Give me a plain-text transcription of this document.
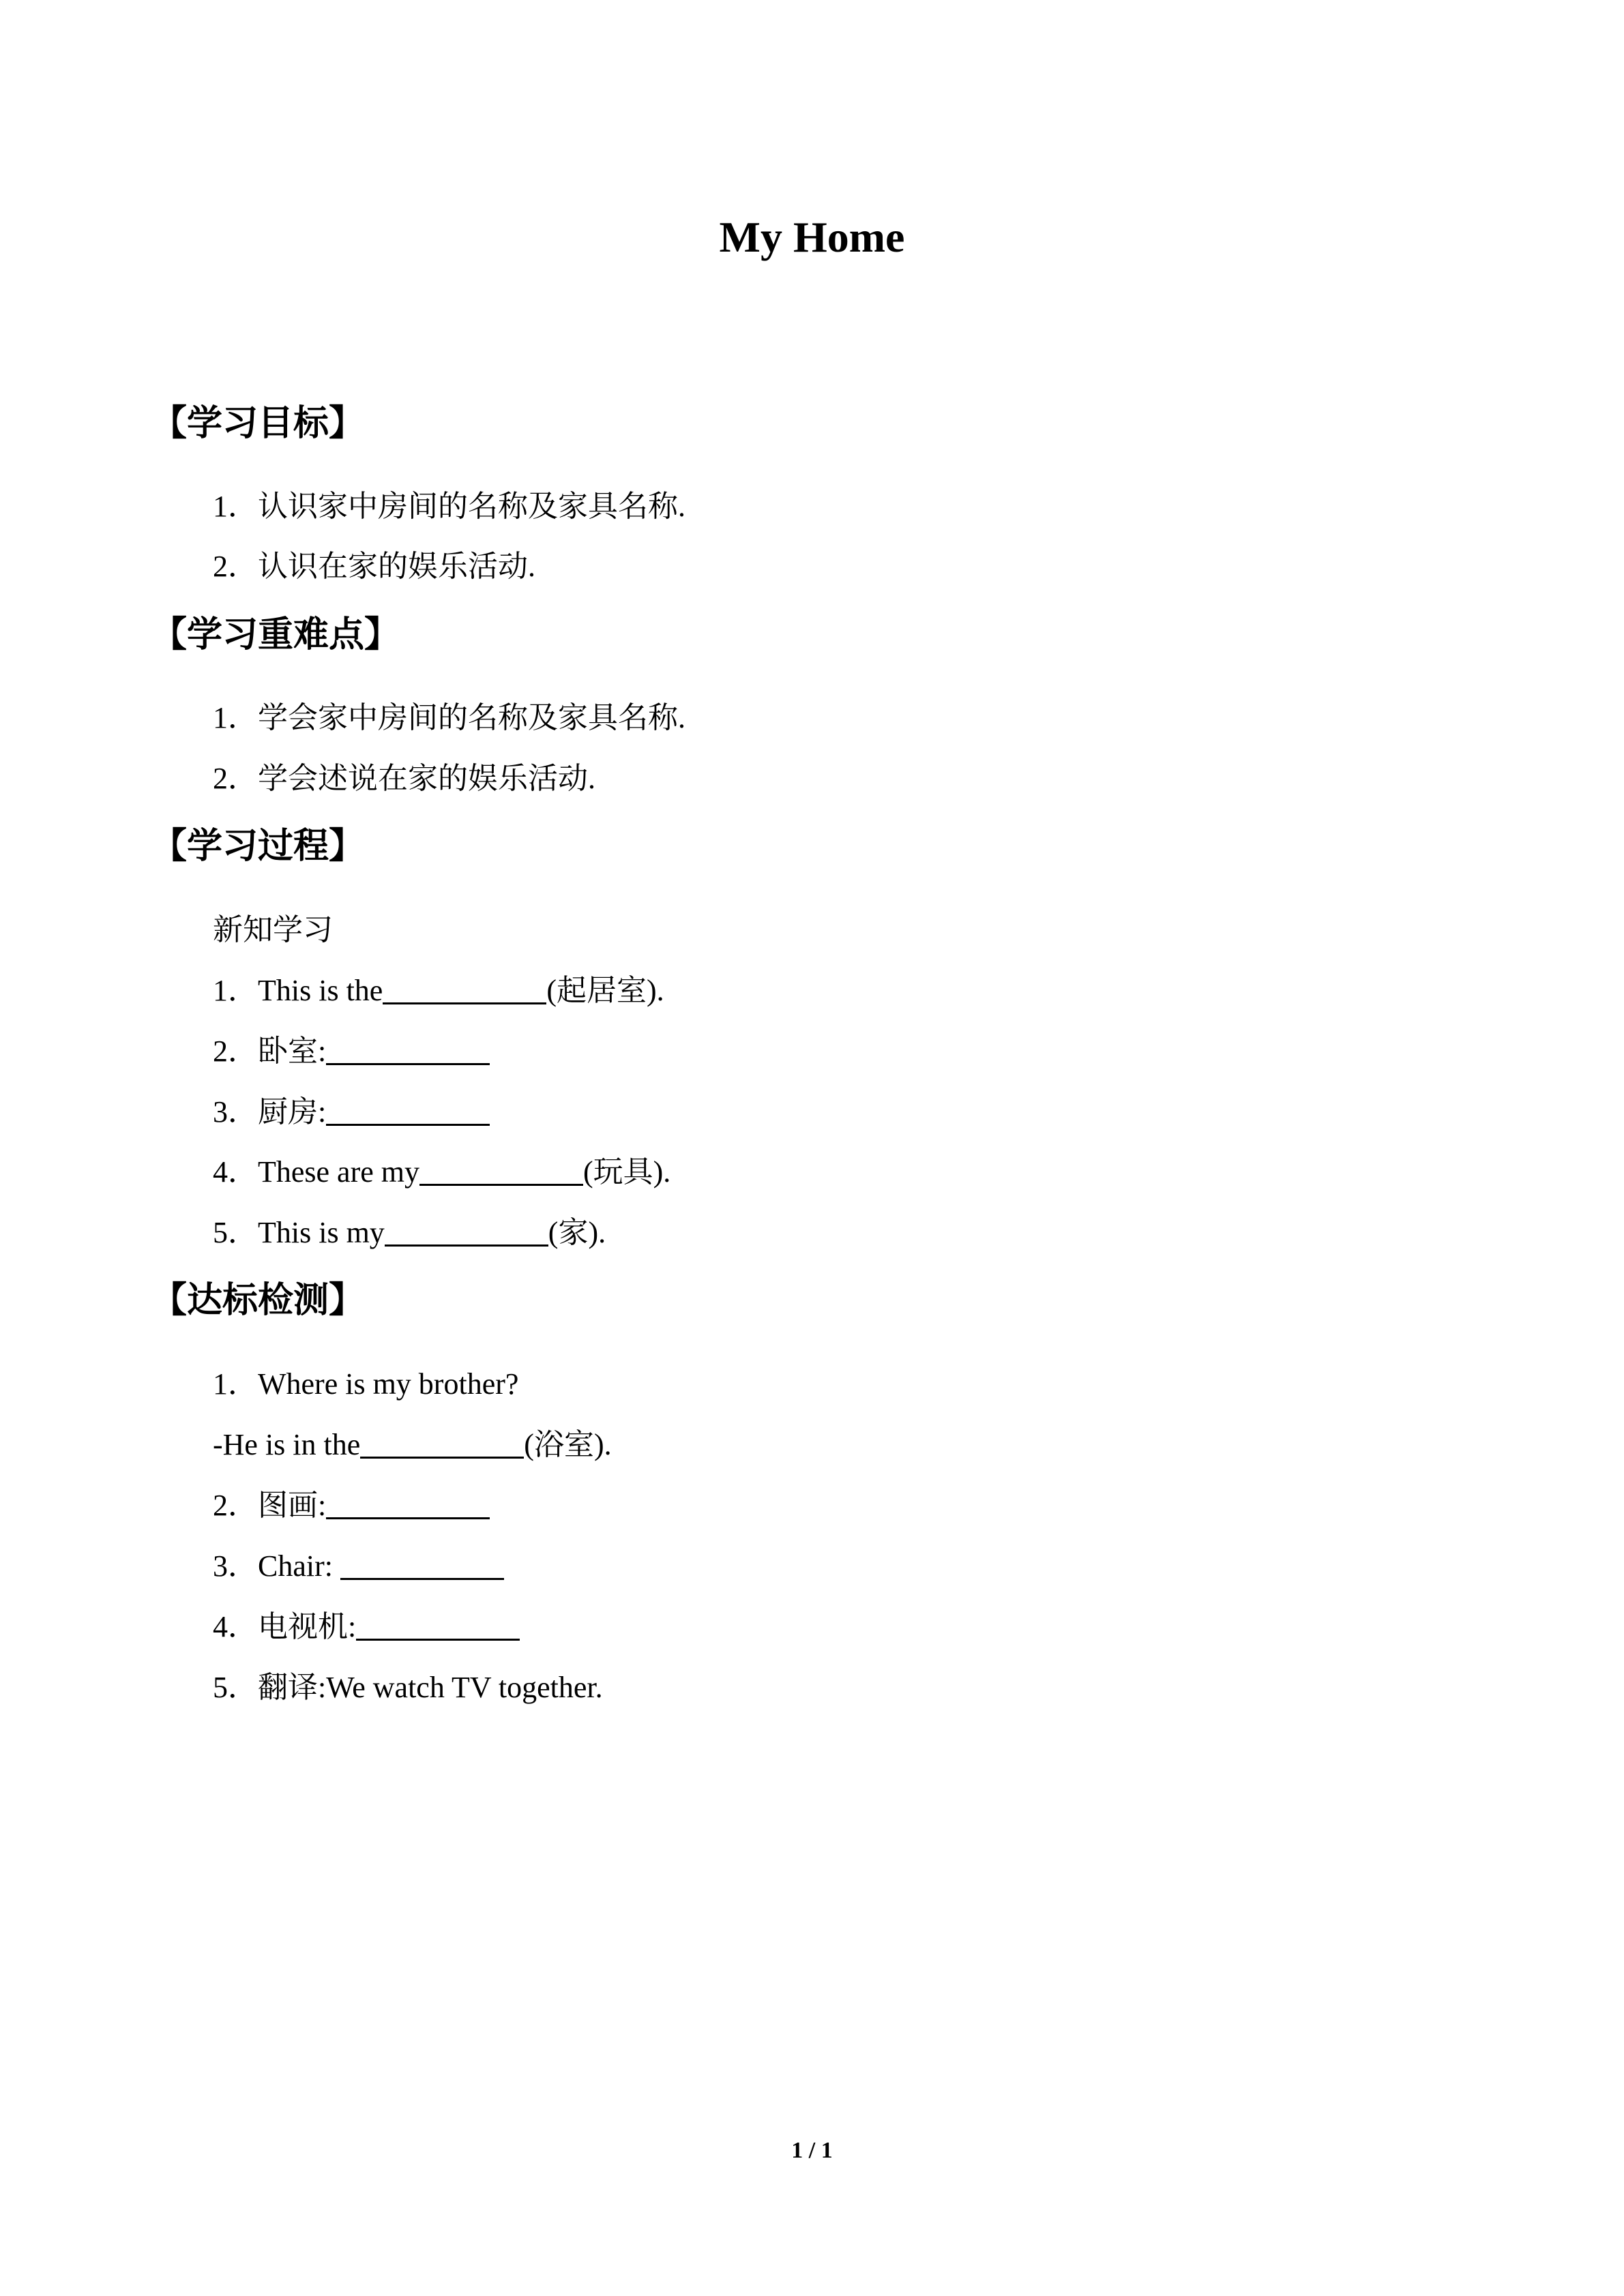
My Home
【学习目标】
1．认识家中房间的名称及家具名称.
2．认识在家的娱乐活动.
【学习重难点】
1．学会家中房间的名称及家具名称.
2．学会述说在家的娱乐活动.
【学习过程】
新知学习
1．This is the	(起居室).
2．卧室:
3．厨房:
4．These are my	(玩具).
5．This is my	(家).
【达标检测】
1．Where is my brother?
-He is in the	(浴室).
2．图画:
3．Chair:
4．电视机:
5．翻译:We watch TV together.
1 / 1
